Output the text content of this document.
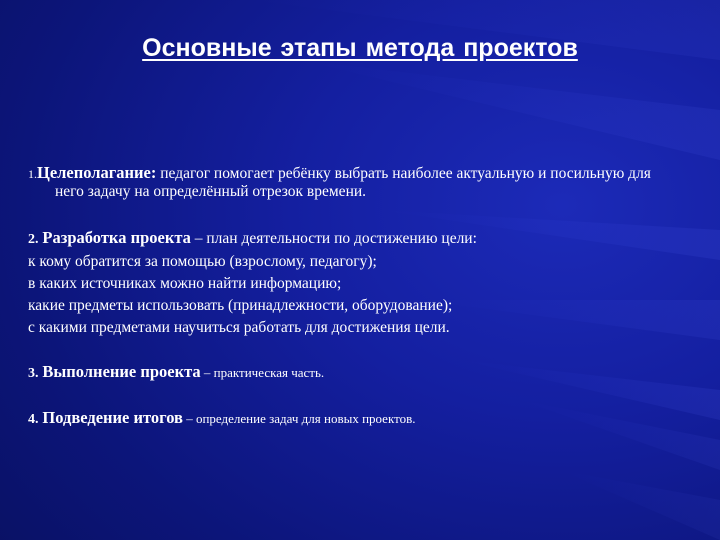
Основные этапы метода проектов

1.Целеполагание: педагог помогает ребёнку выбрать наиболее актуальную и посильную для него задачу на определённый отрезок времени.

2. Разработка проекта – план деятельности по достижению цели:

к кому обратится за помощью (взрослому, педагогу);

в каких источниках можно найти информацию;

какие предметы использовать (принадлежности, оборудование);

с какими предметами научиться работать для достижения цели.

3. Выполнение проекта – практическая часть.

4. Подведение итогов – определение задач для новых проектов.
